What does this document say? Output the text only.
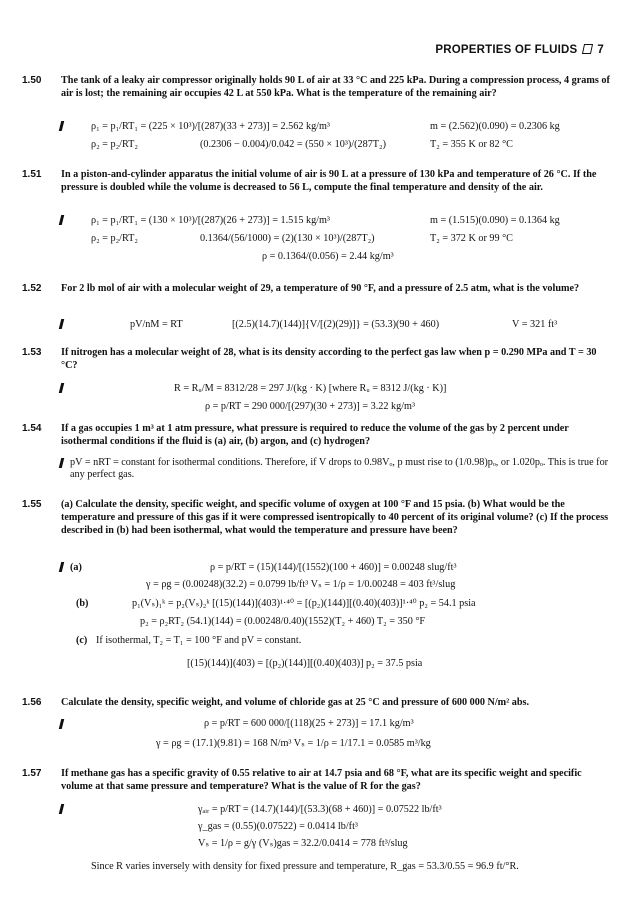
PROPERTIES OF FLUIDS 7
1.50 The tank of a leaky air compressor originally holds 90 L of air at 33 °C and 225 kPa. During a compression process, 4 grams of air is lost; the remaining air occupies 42 L at 550 kPa. What is the temperature of the remaining air?
ρ₁ = p₁/RT₁ = (225 × 10³)/[(287)(33 + 273)] = 2.562 kg/m³	m = (2.562)(0.090) = 0.2306 kg
ρ₂ = p₂/RT₂	(0.2306 − 0.004)/0.042 = (550 × 10³)/(287T₂)	T₂ = 355 K or 82 °C
1.51 In a piston-and-cylinder apparatus the initial volume of air is 90 L at a pressure of 130 kPa and temperature of 26 °C. If the pressure is doubled while the volume is decreased to 56 L, compute the final temperature and density of the air.
ρ₁ = p₁/RT₁ = (130 × 10³)/[(287)(26 + 273)] = 1.515 kg/m³	m = (1.515)(0.090) = 0.1364 kg
ρ₂ = p₂/RT₂	0.1364/(56/1000) = (2)(130 × 10³)/(287T₂)	T₂ = 372 K or 99 °C
ρ = 0.1364/(0.056) = 2.44 kg/m³
1.52 For 2 lb mol of air with a molecular weight of 29, a temperature of 90 °F, and a pressure of 2.5 atm, what is the volume?
pV/nM = RT	[(2.5)(14.7)(144)]{V/[(2)(29)]} = (53.3)(90 + 460)	V = 321 ft³
1.53 If nitrogen has a molecular weight of 28, what is its density according to the perfect gas law when p = 0.290 MPa and T = 30 °C?
R = Rᵤ/M = 8312/28 = 297 J/(kg · K) [where Rᵤ = 8312 J/(kg · K)]
ρ = p/RT = 290 000/[(297)(30 + 273)] = 3.22 kg/m³
1.54 If a gas occupies 1 m³ at 1 atm pressure, what pressure is required to reduce the volume of the gas by 2 percent under isothermal conditions if the fluid is (a) air, (b) argon, and (c) hydrogen?
pV = nRT = constant for isothermal conditions. Therefore, if V drops to 0.98Vₒ, p must rise to (1/0.98)pₒ, or 1.020pₒ. This is true for any perfect gas.
1.55 (a) Calculate the density, specific weight, and specific volume of oxygen at 100 °F and 15 psia. (b) What would be the temperature and pressure of this gas if it were compressed isentropically to 40 percent of its original volume? (c) If the process described in (b) had been isothermal, what would the temperature and pressure have been?
(a)	ρ = p/RT = (15)(144)/[(1552)(100 + 460)] = 0.00248 slug/ft³
γ = ρg = (0.00248)(32.2) = 0.0799 lb/ft³ Vₛ = 1/ρ = 1/0.00248 = 403 ft³/slug
(b)	p₁(Vₛ)₁ᵏ = p₂(Vₛ)₂ᵏ [(15)(144)](403)¹·⁴⁰ = [(p₂)(144)][(0.40)(403)]¹·⁴⁰ p₂ = 54.1 psia
p₂ = ρ₂RT₂ (54.1)(144) = (0.00248/0.40)(1552)(T₂ + 460) T₂ = 350 °F
(c) If isothermal, T₂ = T₁ = 100 °F and pV = constant.
[(15)(144)](403) = [(p₂)(144)][(0.40)(403)] p₂ = 37.5 psia
1.56 Calculate the density, specific weight, and volume of chloride gas at 25 °C and pressure of 600 000 N/m² abs.
ρ = p/RT = 600 000/[(118)(25 + 273)] = 17.1 kg/m³
γ = ρg = (17.1)(9.81) = 168 N/m³ Vₛ = 1/ρ = 1/17.1 = 0.0585 m³/kg
1.57 If methane gas has a specific gravity of 0.55 relative to air at 14.7 psia and 68 °F, what are its specific weight and specific volume at that same pressure and temperature? What is the value of R for the gas?
γₐᵢᵣ = p/RT = (14.7)(144)/[(53.3)(68 + 460)] = 0.07522 lb/ft³
γ_gas = (0.55)(0.07522) = 0.0414 lb/ft³
Vₛ = 1/ρ = g/γ (Vₛ)gas = 32.2/0.0414 = 778 ft³/slug
Since R varies inversely with density for fixed pressure and temperature, R_gas = 53.3/0.55 = 96.9 ft/°R.
